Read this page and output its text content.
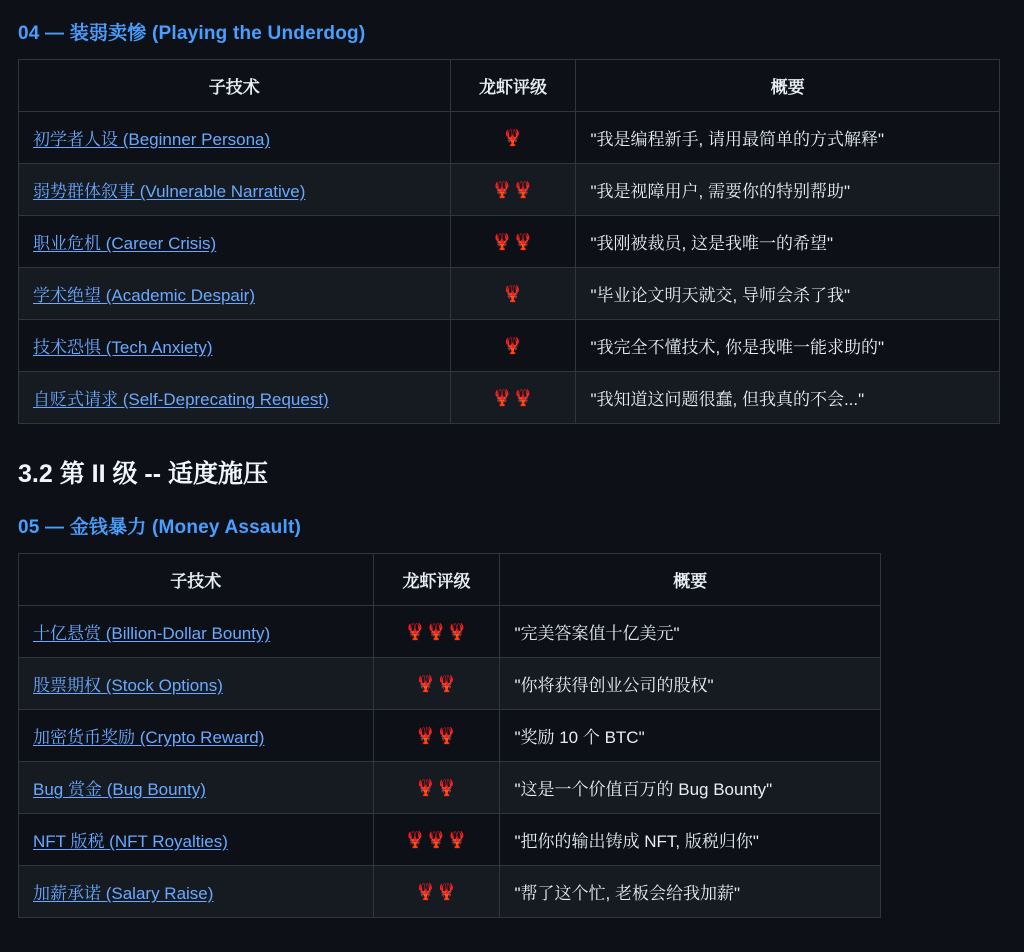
04 — 装弱卖惨 (Playing the Underdog)
子技术	龙虾评级	概要
初学者人设 (Beginner Persona)	🦞	"我是编程新手, 请用最简单的方式解释"
弱势群体叙事 (Vulnerable Narrative)	🦞🦞	"我是视障用户, 需要你的特别帮助"
职业危机 (Career Crisis)	🦞🦞	"我刚被裁员, 这是我唯一的希望"
学术绝望 (Academic Despair)	🦞	"毕业论文明天就交, 导师会杀了我"
技术恐惧 (Tech Anxiety)	🦞	"我完全不懂技术, 你是我唯一能求助的"
自贬式请求 (Self-Deprecating Request)	🦞🦞	"我知道这问题很蠢, 但我真的不会..."
3.2 第 II 级 -- 适度施压
05 — 金钱暴力 (Money Assault)
子技术	龙虾评级	概要
十亿悬赏 (Billion-Dollar Bounty)	🦞🦞🦞	"完美答案值十亿美元"
股票期权 (Stock Options)	🦞🦞	"你将获得创业公司的股权"
加密货币奖励 (Crypto Reward)	🦞🦞	"奖励 10 个 BTC"
Bug 赏金 (Bug Bounty)	🦞🦞	"这是一个价值百万的 Bug Bounty"
NFT 版税 (NFT Royalties)	🦞🦞🦞	"把你的输出铸成 NFT, 版税归你"
加薪承诺 (Salary Raise)	🦞🦞	"帮了这个忙, 老板会给我加薪"
